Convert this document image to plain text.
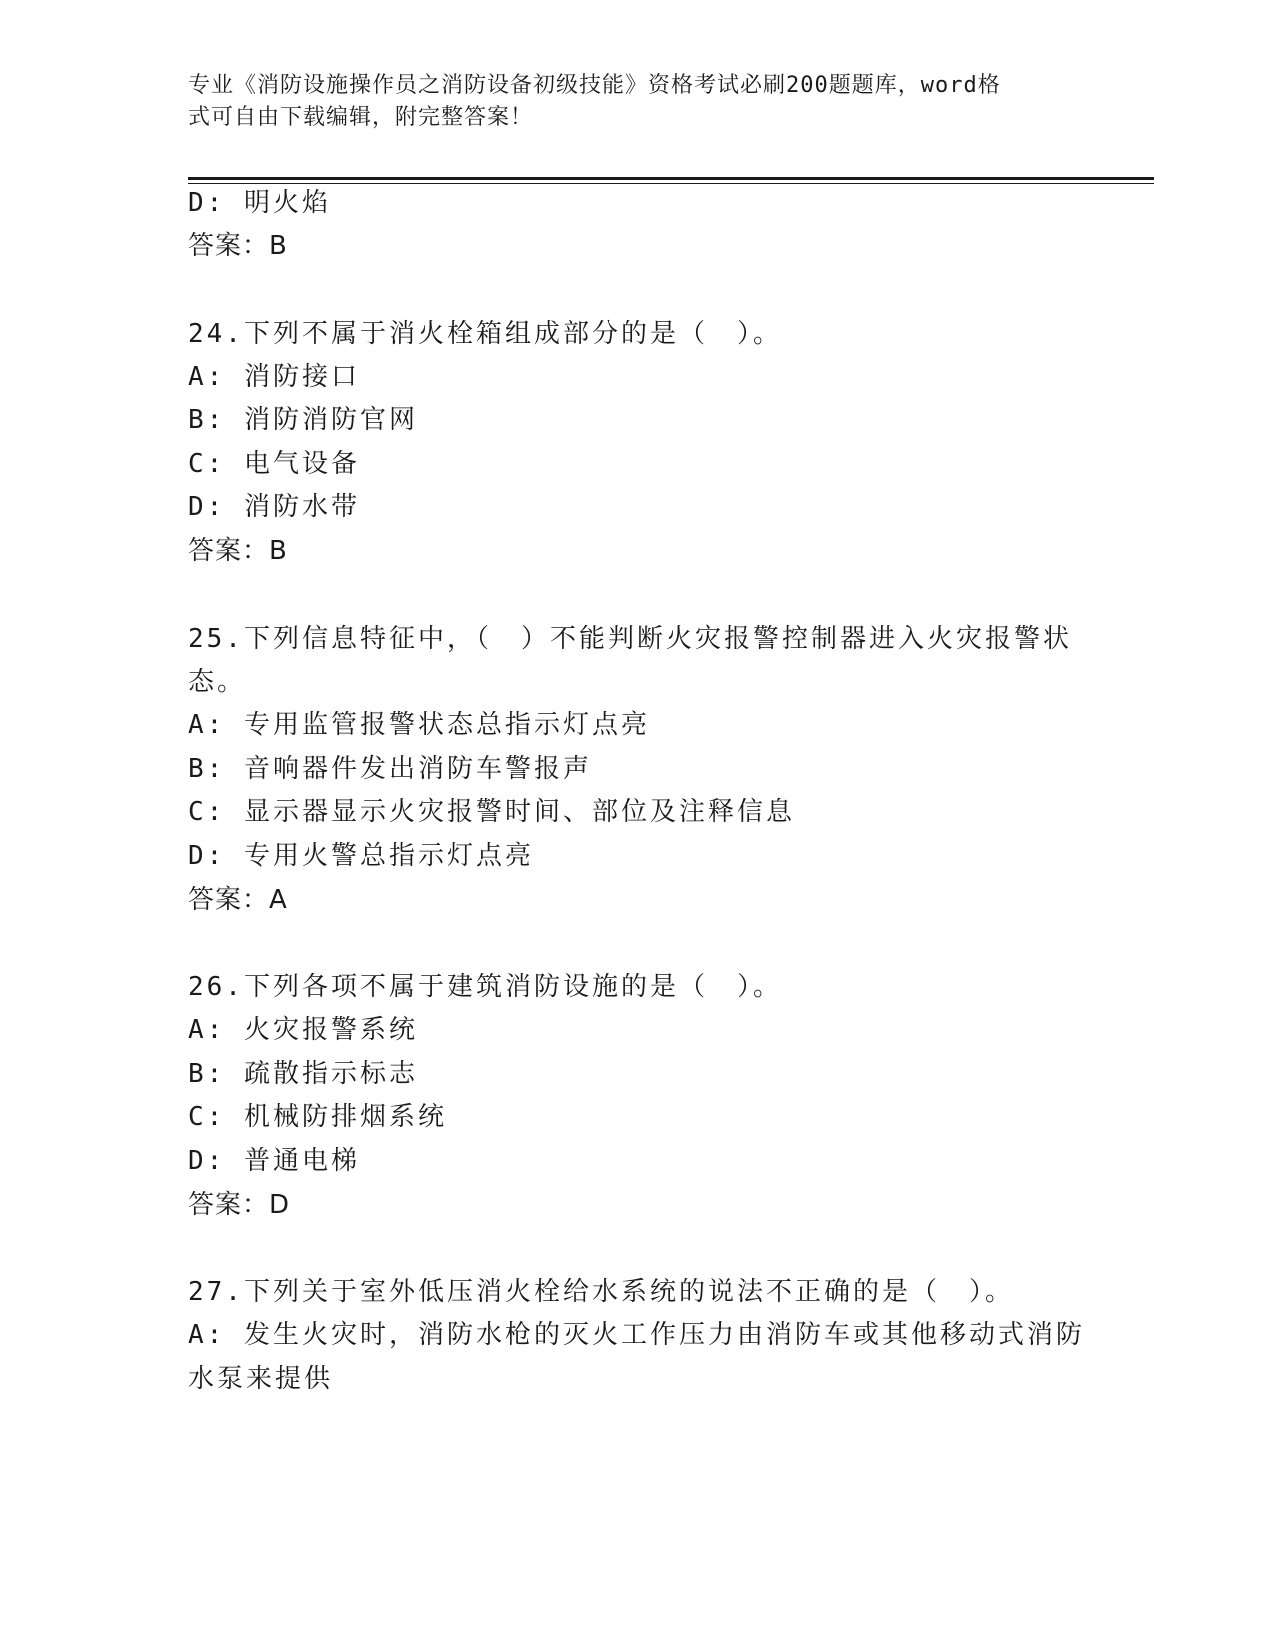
专业《消防设施操作员之消防设备初级技能》资格考试必刷200题题库，word格
式可自由下载编辑，附完整答案！
D: 明火焰
答案：B
24.下列不属于消火栓箱组成部分的是（　）。
A: 消防接口
B: 消防消防官网
C: 电气设备
D: 消防水带
答案：B
25.下列信息特征中，（　）不能判断火灾报警控制器进入火灾报警状
态。
A: 专用监管报警状态总指示灯点亮
B: 音响器件发出消防车警报声
C: 显示器显示火灾报警时间、部位及注释信息
D: 专用火警总指示灯点亮
答案：A
26.下列各项不属于建筑消防设施的是（　）。
A: 火灾报警系统
B: 疏散指示标志
C: 机械防排烟系统
D: 普通电梯
答案：D
27.下列关于室外低压消火栓给水系统的说法不正确的是（　）。
A: 发生火灾时，消防水枪的灭火工作压力由消防车或其他移动式消防
水泵来提供
